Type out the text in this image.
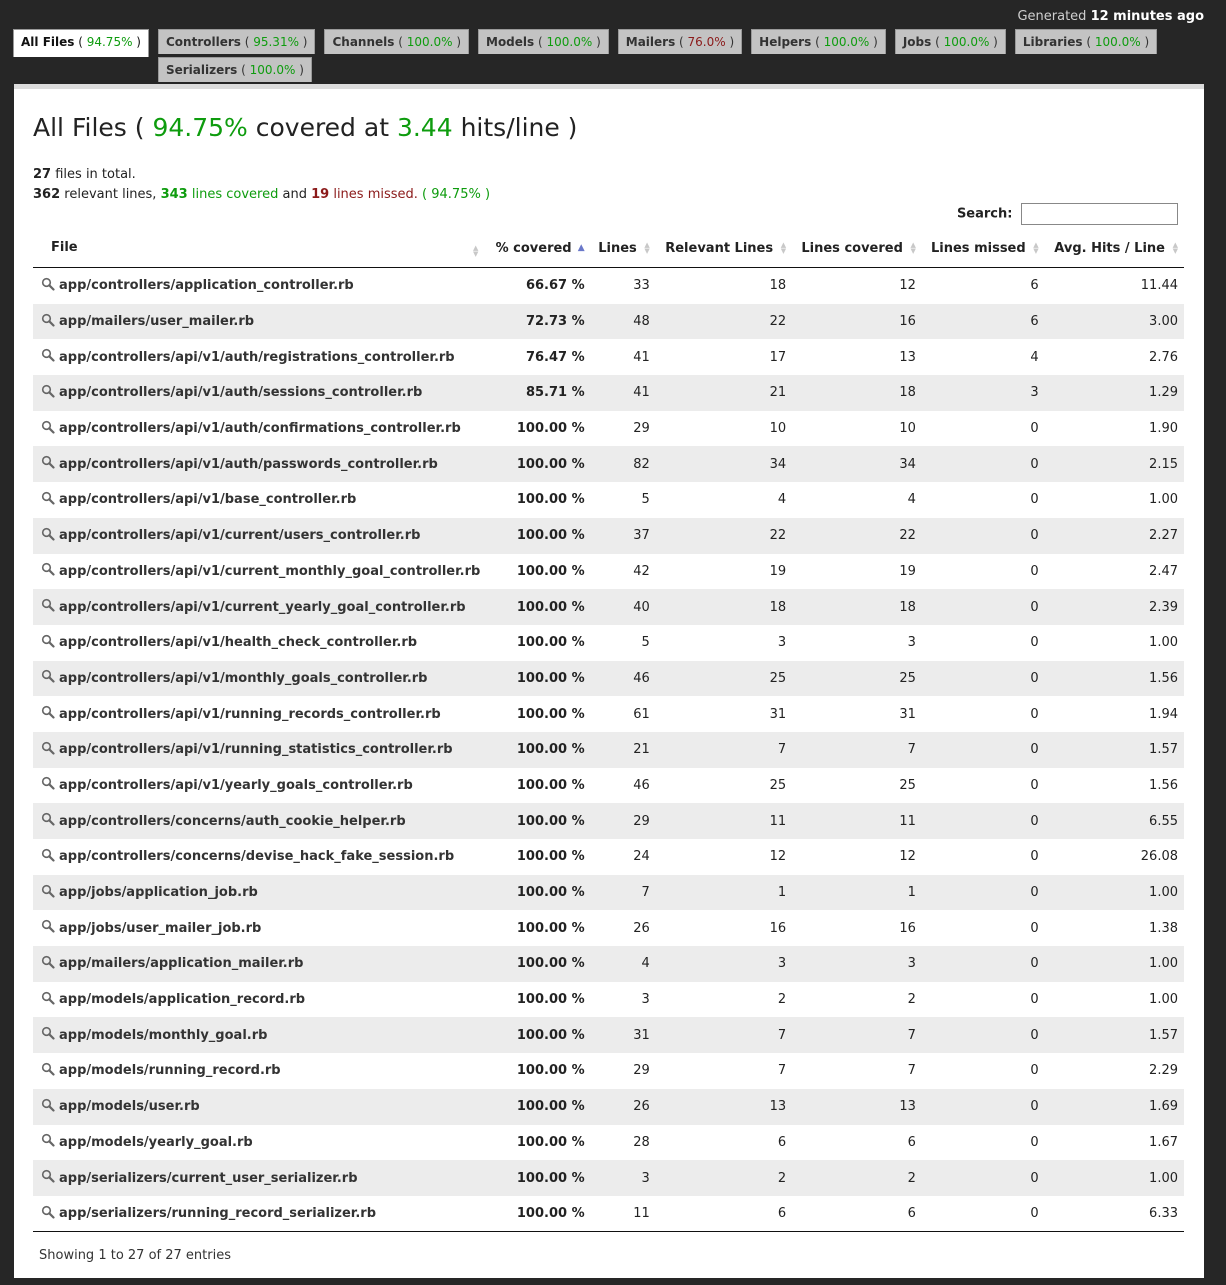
Generated 12 minutes ago
All Files ( 94.75% )	Controllers ( 95.31% )	Channels ( 100.0% )	Models ( 100.0% )	Mailers ( 76.0% )	Helpers ( 100.0% )	Jobs ( 100.0% )	Libraries ( 100.0% )
Serializers ( 100.0% )
All Files ( 94.75% covered at 3.44 hits/line )
27 files in total.
362 relevant lines, 343 lines covered and 19 lines missed. ( 94.75% )
Search:
File ▲
▼	% covered ▲	Lines ▲
▼	Relevant Lines ▲
▼	Lines covered ▲
▼	Lines missed ▲
▼	Avg. Hits / Line ▲
▼

app/controllers/application_controller.rb	66.67 %	33	18	12	6	11.44

app/mailers/user_mailer.rb	72.73 %	48	22	16	6	3.00

app/controllers/api/v1/auth/registrations_controller.rb	76.47 %	41	17	13	4	2.76

app/controllers/api/v1/auth/sessions_controller.rb	85.71 %	41	21	18	3	1.29

app/controllers/api/v1/auth/confirmations_controller.rb	100.00 %	29	10	10	0	1.90

app/controllers/api/v1/auth/passwords_controller.rb	100.00 %	82	34	34	0	2.15

app/controllers/api/v1/base_controller.rb	100.00 %	5	4	4	0	1.00

app/controllers/api/v1/current/users_controller.rb	100.00 %	37	22	22	0	2.27

app/controllers/api/v1/current_monthly_goal_controller.rb	100.00 %	42	19	19	0	2.47

app/controllers/api/v1/current_yearly_goal_controller.rb	100.00 %	40	18	18	0	2.39

app/controllers/api/v1/health_check_controller.rb	100.00 %	5	3	3	0	1.00

app/controllers/api/v1/monthly_goals_controller.rb	100.00 %	46	25	25	0	1.56

app/controllers/api/v1/running_records_controller.rb	100.00 %	61	31	31	0	1.94

app/controllers/api/v1/running_statistics_controller.rb	100.00 %	21	7	7	0	1.57

app/controllers/api/v1/yearly_goals_controller.rb	100.00 %	46	25	25	0	1.56

app/controllers/concerns/auth_cookie_helper.rb	100.00 %	29	11	11	0	6.55

app/controllers/concerns/devise_hack_fake_session.rb	100.00 %	24	12	12	0	26.08

app/jobs/application_job.rb	100.00 %	7	1	1	0	1.00

app/jobs/user_mailer_job.rb	100.00 %	26	16	16	0	1.38

app/mailers/application_mailer.rb	100.00 %	4	3	3	0	1.00

app/models/application_record.rb	100.00 %	3	2	2	0	1.00

app/models/monthly_goal.rb	100.00 %	31	7	7	0	1.57

app/models/running_record.rb	100.00 %	29	7	7	0	2.29

app/models/user.rb	100.00 %	26	13	13	0	1.69

app/models/yearly_goal.rb	100.00 %	28	6	6	0	1.67

app/serializers/current_user_serializer.rb	100.00 %	3	2	2	0	1.00

app/serializers/running_record_serializer.rb	100.00 %	11	6	6	0	6.33
Showing 1 to 27 of 27 entries
